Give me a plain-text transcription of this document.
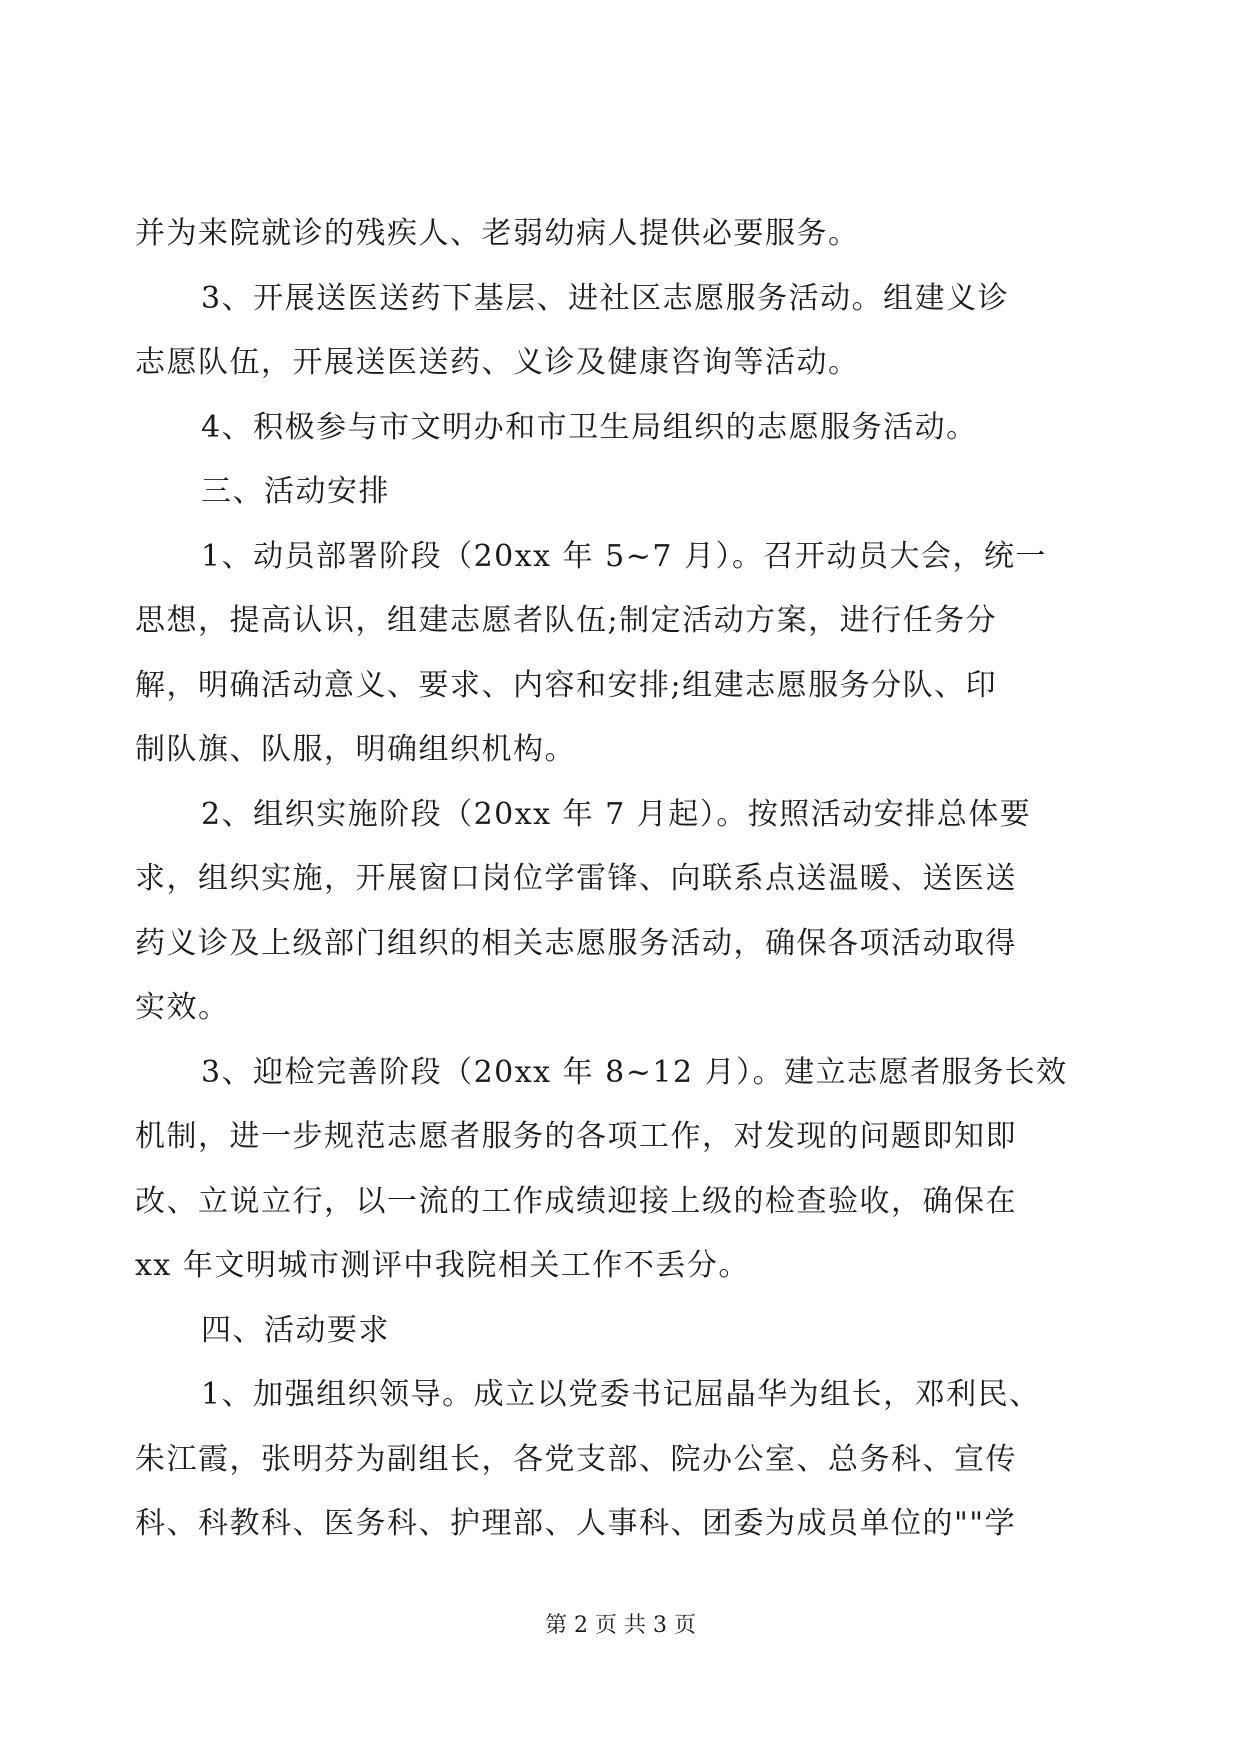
并为来院就诊的残疾人、老弱幼病人提供必要服务。
3、开展送医送药下基层、进社区志愿服务活动。组建义诊
志愿队伍，开展送医送药、义诊及健康咨询等活动。
4、积极参与市文明办和市卫生局组织的志愿服务活动。
三、活动安排
1、动员部署阶段（20xx 年 5~7 月）。召开动员大会，统一
思想，提高认识，组建志愿者队伍;制定活动方案，进行任务分
解，明确活动意义、要求、内容和安排;组建志愿服务分队、印
制队旗、队服，明确组织机构。
2、组织实施阶段（20xx 年 7 月起）。按照活动安排总体要
求，组织实施，开展窗口岗位学雷锋、向联系点送温暖、送医送
药义诊及上级部门组织的相关志愿服务活动，确保各项活动取得
实效。
3、迎检完善阶段（20xx 年 8~12 月）。建立志愿者服务长效
机制，进一步规范志愿者服务的各项工作，对发现的问题即知即
改、立说立行，以一流的工作成绩迎接上级的检查验收，确保在
xx 年文明城市测评中我院相关工作不丢分。
四、活动要求
1、加强组织领导。成立以党委书记屈晶华为组长，邓利民、
朱江霞，张明芬为副组长，各党支部、院办公室、总务科、宣传
科、科教科、医务科、护理部、人事科、团委为成员单位的""学
第 2 页 共 3 页
